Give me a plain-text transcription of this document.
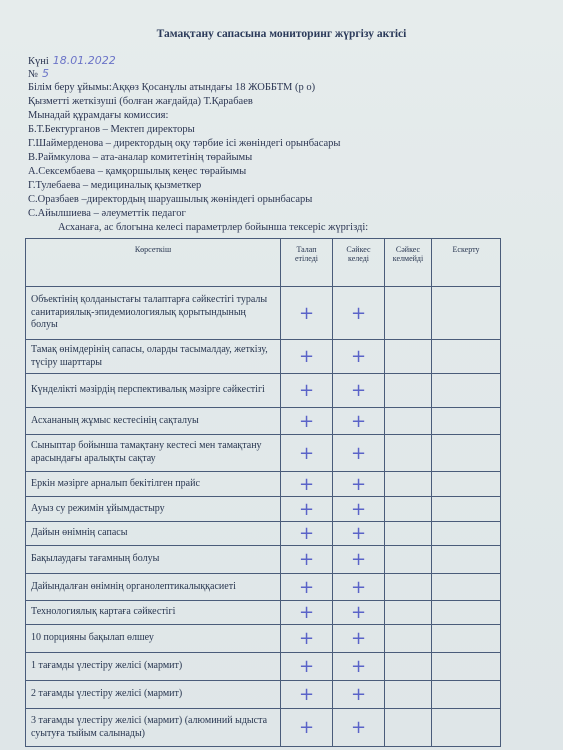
Тамақтану сапасына мониторинг жүргізу актісі
Күні 18.01.2022
№ 5
Білім беру ұйымы:Аққөз Қосанұлы атындағы 18 ЖОББТМ (р о)
Қызметті жеткізуші (болған жағдайда) Т.Қарабаев
Мынадай құрамдағы комиссия:
Б.Т.Бектурганов – Мектеп директоры
Г.Шаймерденова – директордың оқу тәрбие ісі жөніндегі орынбасары
В.Раймкулова – ата-аналар комитетінің төрайымы
А.Сексембаева – қамқоршылық кеңес төрайымы
Г.Тулебаева – медициналық қызметкер
С.Оразбаев –директордың шаруашылық жөніндегі орынбасары
С.Айылшиева – әлеуметтік педагог
Асханаға, ас блогына келесі параметрлер бойынша тексеріс жүргізді:
Көрсеткіш	Талап етіледі	Сәйкес келеді	Сәйкес келмейді	Ескерту
Объектінің қолданыстағы талаптарға сәйкестігі туралы санитариялық-эпидемиологиялық қорытындының болуы	+	+		
Тамақ өнімдерінің сапасы, оларды тасымалдау, жеткізу, түсіру шарттары	+	+		
Күнделікті мәзірдің перспективалық мәзірге сәйкестігі	+	+		
Асхананың жұмыс кестесінің сақталуы	+	+		
Сыныптар бойынша тамақтану кестесі мен тамақтану арасындағы аралықты сақтау	+	+		
Еркін мәзірге арналып бекітілген прайс	+	+		
Ауыз су режимін ұйымдастыру	+	+		
Дайын өнімнің сапасы	+	+		
Бақылаудағы тағамның болуы	+	+		
Дайындалған өнімнің органолептикалыққасиеті	+	+		
Технологиялық картаға сәйкестігі	+	+		
10 порцияны бақылап өлшеу	+	+		
1 тағамды үлестіру желісі (мармит)	+	+		
2 тағамды үлестіру желісі (мармит)	+	+		
3 тағамды үлестіру желісі (мармит) (алюминий ыдыста суытуға тыйым салынады)	+	+		
